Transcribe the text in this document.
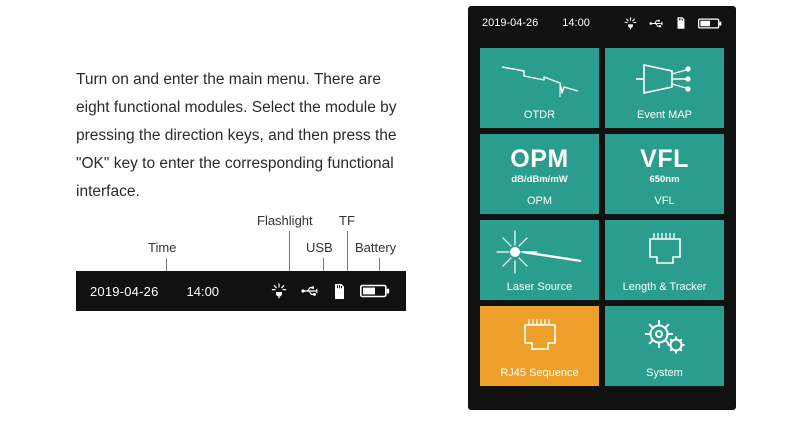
Turn on and enter the main menu. There are eight functional modules. Select the module by pressing the direction keys, and then press the "OK" key to enter the corresponding functional interface.

Time
Flashlight
USB
TF
Battery
2019-04-26 14:00
2019-04-26 14:00
OTDR	Event MAP
OPM
dB/dBm/mW
OPM
VFL
650nm
VFL
Laser Source	Length & Tracker
RJ45 Sequence	System
